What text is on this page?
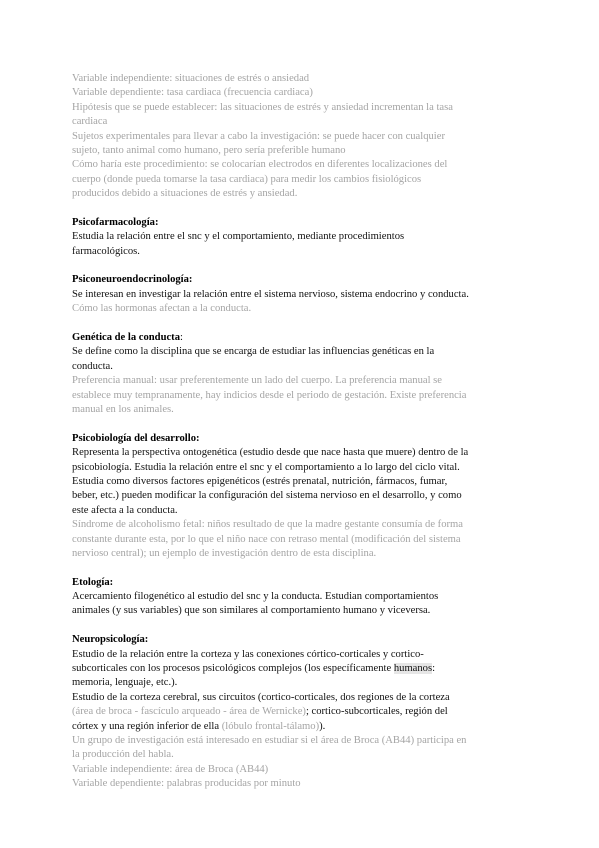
Variable independiente: situaciones de estrés o ansiedad
Variable dependiente: tasa cardiaca (frecuencia cardiaca)
Hipótesis que se puede establecer: las situaciones de estrés y ansiedad incrementan la tasa
cardiaca
Sujetos experimentales para llevar a cabo la investigación: se puede hacer con cualquier
sujeto, tanto animal como humano, pero sería preferible humano
Cómo haría este procedimiento: se colocarían electrodos en diferentes localizaciones del
cuerpo (donde pueda tomarse la tasa cardiaca) para medir los cambios fisiológicos
producidos debido a situaciones de estrés y ansiedad.
Psicofarmacología:
Estudia la relación entre el snc y el comportamiento, mediante procedimientos
farmacológicos.
Psiconeuroendocrinología:
Se interesan en investigar la relación entre el sistema nervioso, sistema endocrino y conducta.
Cómo las hormonas afectan a la conducta.
Genética de la conducta:
Se define como la disciplina que se encarga de estudiar las influencias genéticas en la
conducta.
Preferencia manual: usar preferentemente un lado del cuerpo. La preferencia manual se
establece muy tempranamente, hay indicios desde el periodo de gestación. Existe preferencia
manual en los animales.
Psicobiología del desarrollo:
Representa la perspectiva ontogenética (estudio desde que nace hasta que muere) dentro de la
psicobiología. Estudia la relación entre el snc y el comportamiento a lo largo del ciclo vital.
Estudia como diversos factores epigenéticos (estrés prenatal, nutrición, fármacos, fumar,
beber, etc.) pueden modificar la configuración del sistema nervioso en el desarrollo, y como
este afecta a la conducta.
Síndrome de alcoholismo fetal: niños resultado de que la madre gestante consumía de forma
constante durante esta, por lo que el niño nace con retraso mental (modificación del sistema
nervioso central); un ejemplo de investigación dentro de esta disciplina.
Etología:
Acercamiento filogenético al estudio del snc y la conducta. Estudian comportamientos
animales (y sus variables) que son similares al comportamiento humano y viceversa.
Neuropsicología:
Estudio de la relación entre la corteza y las conexiones córtico-corticales y cortico-
subcorticales con los procesos psicológicos complejos (los específicamente humanos:
memoria, lenguaje, etc.).
Estudio de la corteza cerebral, sus circuitos (cortico-corticales, dos regiones de la corteza
(área de broca - fascículo arqueado - área de Wernicke); cortico-subcorticales, región del
córtex y una región inferior de ella (lóbulo frontal-tálamo)).
Un grupo de investigación está interesado en estudiar si el área de Broca (AB44) participa en
la producción del habla.
Variable independiente: área de Broca (AB44)
Variable dependiente: palabras producidas por minuto
